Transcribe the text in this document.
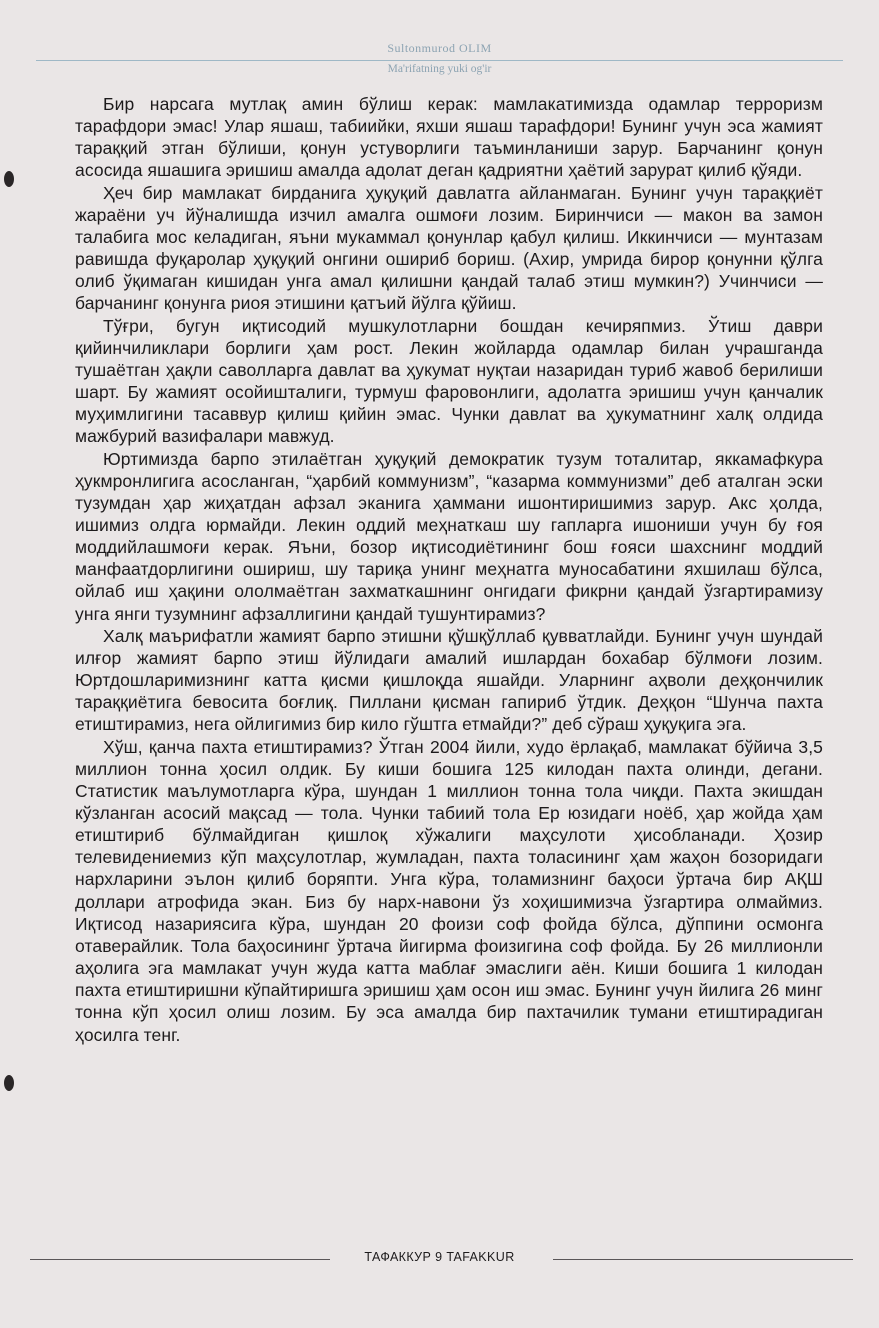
Sultonmurod OLIM
Ma'rifatning yuki og'ir

Бир нарсага мутлақ амин бўлиш керак: мамлакатимизда одамлар терроризм тарафдори эмас! Улар яшаш, табиийки, яхши яшаш тарафдори! Бунинг учун эса жамият тараққий этган бўлиши, қонун устуворлиги таъминланиши зарур. Барчанинг қонун асосида яшашига эришиш амалда адолат деган қадриятни ҳаётий зарурат қилиб қўяди.

Ҳеч бир мамлакат бирданига ҳуқуқий давлатга айланмаган. Бунинг учун тараққиёт жараёни уч йўналишда изчил амалга ошмоғи лозим. Биринчиси — макон ва замон талабига мос келадиган, яъни мукаммал қонунлар қабул қилиш. Иккинчиси — мунтазам равишда фуқаролар ҳуқуқий онгини ошириб бориш. (Ахир, умрида бирор қонунни қўлга олиб ўқимаган кишидан унга амал қилишни қандай талаб этиш мумкин?) Учинчиси — барчанинг қонунга риоя этишини қатъий йўлга қўйиш.

Тўғри, бугун иқтисодий мушкулотларни бошдан кечиряпмиз. Ўтиш даври қийинчиликлари борлиги ҳам рост. Лекин жойларда одамлар билан учрашганда тушаётган ҳақли саволларга давлат ва ҳукумат нуқтаи назаридан туриб жавоб берилиши шарт. Бу жамият осойишталиги, турмуш фаровонлиги, адолатга эришиш учун қанчалик муҳимлигини тасаввур қилиш қийин эмас. Чунки давлат ва ҳукуматнинг халқ олдида мажбурий вазифалари мавжуд.

Юртимизда барпо этилаётган ҳуқуқий демократик тузум тоталитар, яккамафкура ҳукмронлигига асосланган, “ҳарбий коммунизм”, “казарма коммунизми” деб аталган эски тузумдан ҳар жиҳатдан афзал эканига ҳаммани ишонтиришимиз зарур. Акс ҳолда, ишимиз олдга юрмайди. Лекин оддий меҳнаткаш шу гапларга ишониши учун бу ғоя моддийлашмоғи керак. Яъни, бозор иқтисодиётининг бош ғояси шахснинг моддий манфаатдорлигини ошириш, шу тариқа унинг меҳнатга муносабатини яхшилаш бўлса, ойлаб иш ҳақини ололмаётган захматкашнинг онгидаги фикрни қандай ўзгартирамизу унга янги тузумнинг афзаллигини қандай тушунтирамиз?

Халқ маърифатли жамият барпо этишни қўшқўллаб қувватлайди. Бунинг учун шундай илғор жамият барпо этиш йўлидаги амалий ишлардан бохабар бўлмоғи лозим. Юртдошларимизнинг катта қисми қишлоқда яшайди. Уларнинг аҳволи деҳқончилик тараққиётига бевосита боғлиқ. Пиллани қисман гапириб ўтдик. Деҳқон “Шунча пахта етиштирамиз, нега ойлигимиз бир кило гўштга етмайди?” деб сўраш ҳуқуқига эга.

Хўш, қанча пахта етиштирамиз? Ўтган 2004 йили, худо ёрлақаб, мамлакат бўйича 3,5 миллион тонна ҳосил олдик. Бу киши бошига 125 килодан пахта олинди, дегани. Статистик маълумотларга кўра, шундан 1 миллион тонна тола чиқди. Пахта экишдан кўзланган асосий мақсад — тола. Чунки табиий тола Ер юзидаги ноёб, ҳар жойда ҳам етиштириб бўлмайдиган қишлоқ хўжалиги маҳсулоти ҳисобланади. Ҳозир телевидениемиз кўп маҳсулотлар, жумладан, пахта толасининг ҳам жаҳон бозоридаги нархларини эълон қилиб боряпти. Унга кўра, толамизнинг баҳоси ўртача бир АҚШ доллари атрофида экан. Биз бу нарх-навони ўз хоҳишимизча ўзгартира олмаймиз. Иқтисод назариясига кўра, шундан 20 фоизи соф фойда бўлса, дўппини осмонга отаверайлик. Тола баҳосининг ўртача йигирма фоизигина соф фойда. Бу 26 миллионли аҳолига эга мамлакат учун жуда катта маблағ эмаслиги аён. Киши бошига 1 килодан пахта етиштиришни кўпайтиришга эришиш ҳам осон иш эмас. Бунинг учун йилига 26 минг тонна кўп ҳосил олиш лозим. Бу эса амалда бир пахтачилик тумани етиштирадиган ҳосилга тенг.

ТАФАККУР 9 TAFAKKUR
